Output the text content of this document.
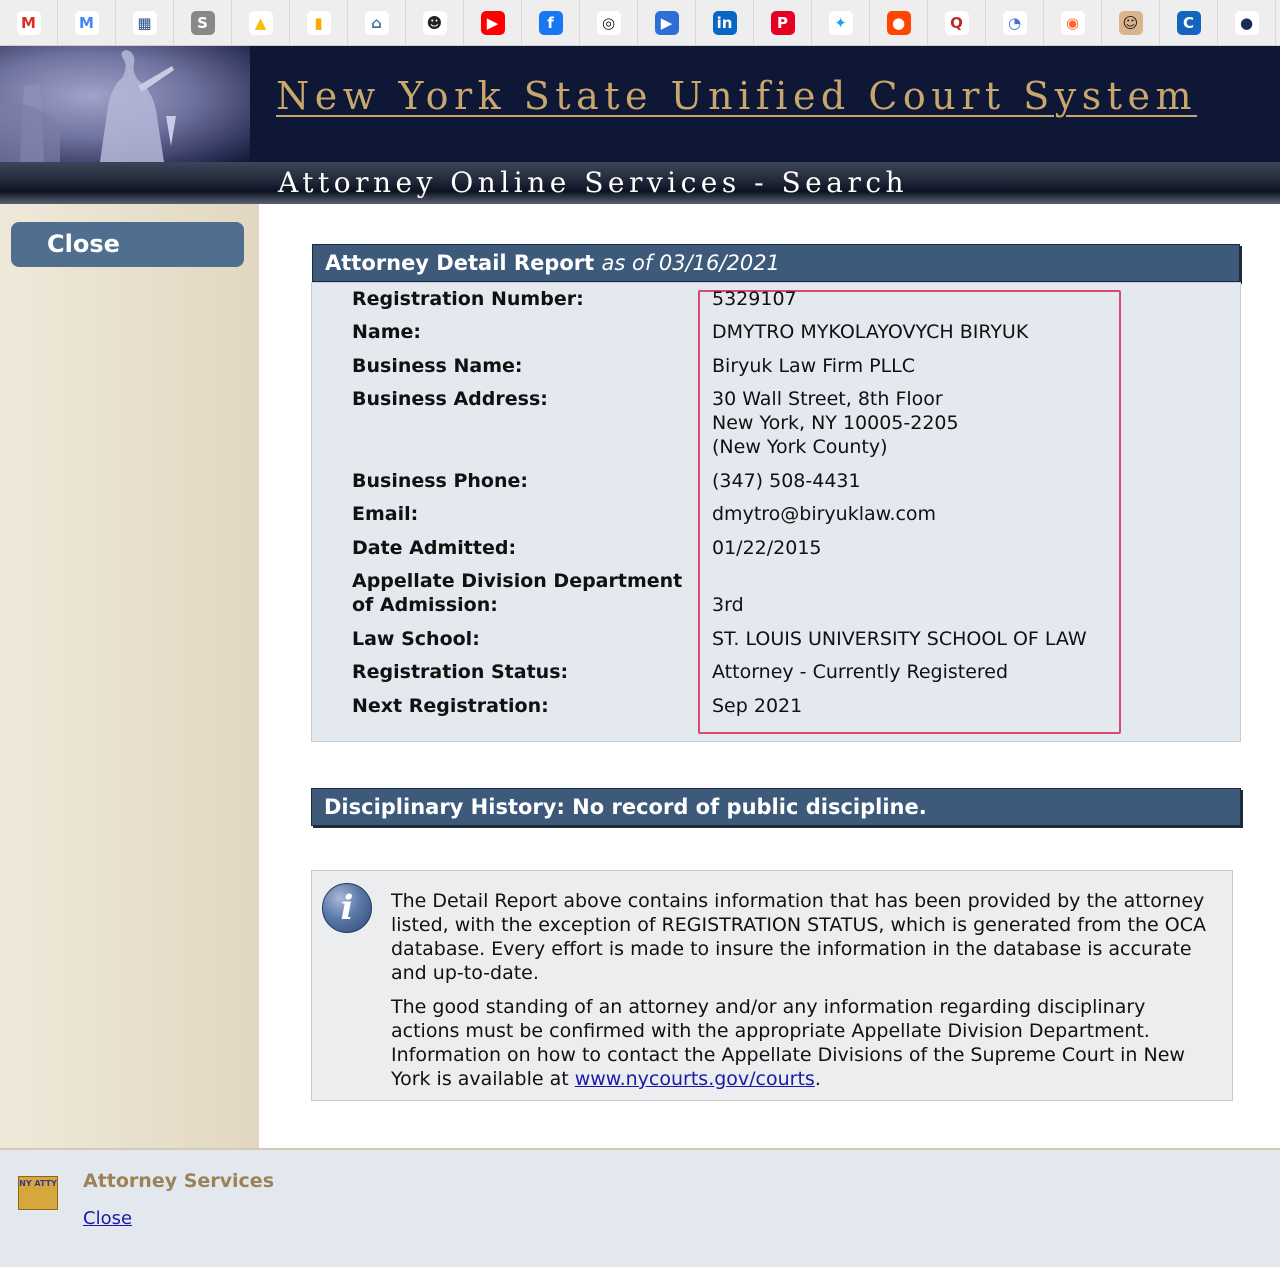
M	M	▦	S	▲	▮	⌂	☻	▶	f	◎	▶	in	P	✦	●	Q	◔	◉	☺	C	●
New York State Unified Court System
Attorney Online Services - Search
Close
Attorney Detail Report as of 03/16/2021
Registration Number:	5329107
Name:	DMYTRO MYKOLAYOVYCH BIRYUK
Business Name:	Biryuk Law Firm PLLC
Business Address:	30 Wall Street, 8th Floor
New York, NY 10005-2205
(New York County)
Business Phone:	(347) 508-4431
Email:	dmytro@biryuklaw.com
Date Admitted:	01/22/2015
Appellate Division Department
of Admission:	3rd
Law School:	ST. LOUIS UNIVERSITY SCHOOL OF LAW
Registration Status:	Attorney - Currently Registered
Next Registration:	Sep 2021
Disciplinary History: No record of public discipline.
i	The Detail Report above contains information that has been provided by the attorney listed, with the exception of REGISTRATION STATUS, which is generated from the OCA database. Every effort is made to insure the information in the database is accurate and up-to-date.

The good standing of an attorney and/or any information regarding disciplinary actions must be confirmed with the appropriate Appellate Division Department. Information on how to contact the Appellate Divisions of the Supreme Court in New York is available at www.nycourts.gov/courts.

NY ATTY Attorney Services
Close
